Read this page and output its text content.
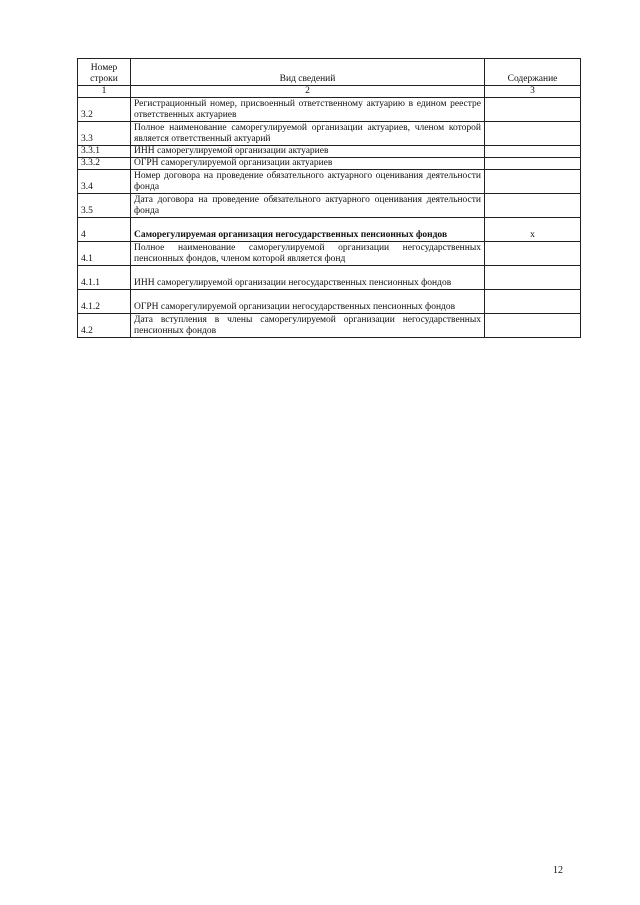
Номер строки	Вид сведений	Содержание
1	2	3
3.2	Регистрационный номер, присвоенный ответственному актуарию в едином реестре ответственных актуариев	
3.3	Полное наименование саморегулируемой организации актуариев, членом которой является ответственный актуарий	
3.3.1	ИНН саморегулируемой организации актуариев	
3.3.2	ОГРН саморегулируемой организации актуариев	
3.4	Номер договора на проведение обязательного актуарного оценивания деятельности фонда	
3.5	Дата договора на проведение обязательного актуарного оценивания деятельности фонда	
4	Саморегулируемая организация негосударственных пенсионных фондов	x
4.1	Полное наименование саморегулируемой организации негосударственных пенсионных фондов, членом которой является фонд	
4.1.1	ИНН саморегулируемой организации негосударственных пенсионных фондов	
4.1.2	ОГРН саморегулируемой организации негосударственных пенсионных фондов	
4.2	Дата вступления в члены саморегулируемой организации негосударственных пенсионных фондов	
12
